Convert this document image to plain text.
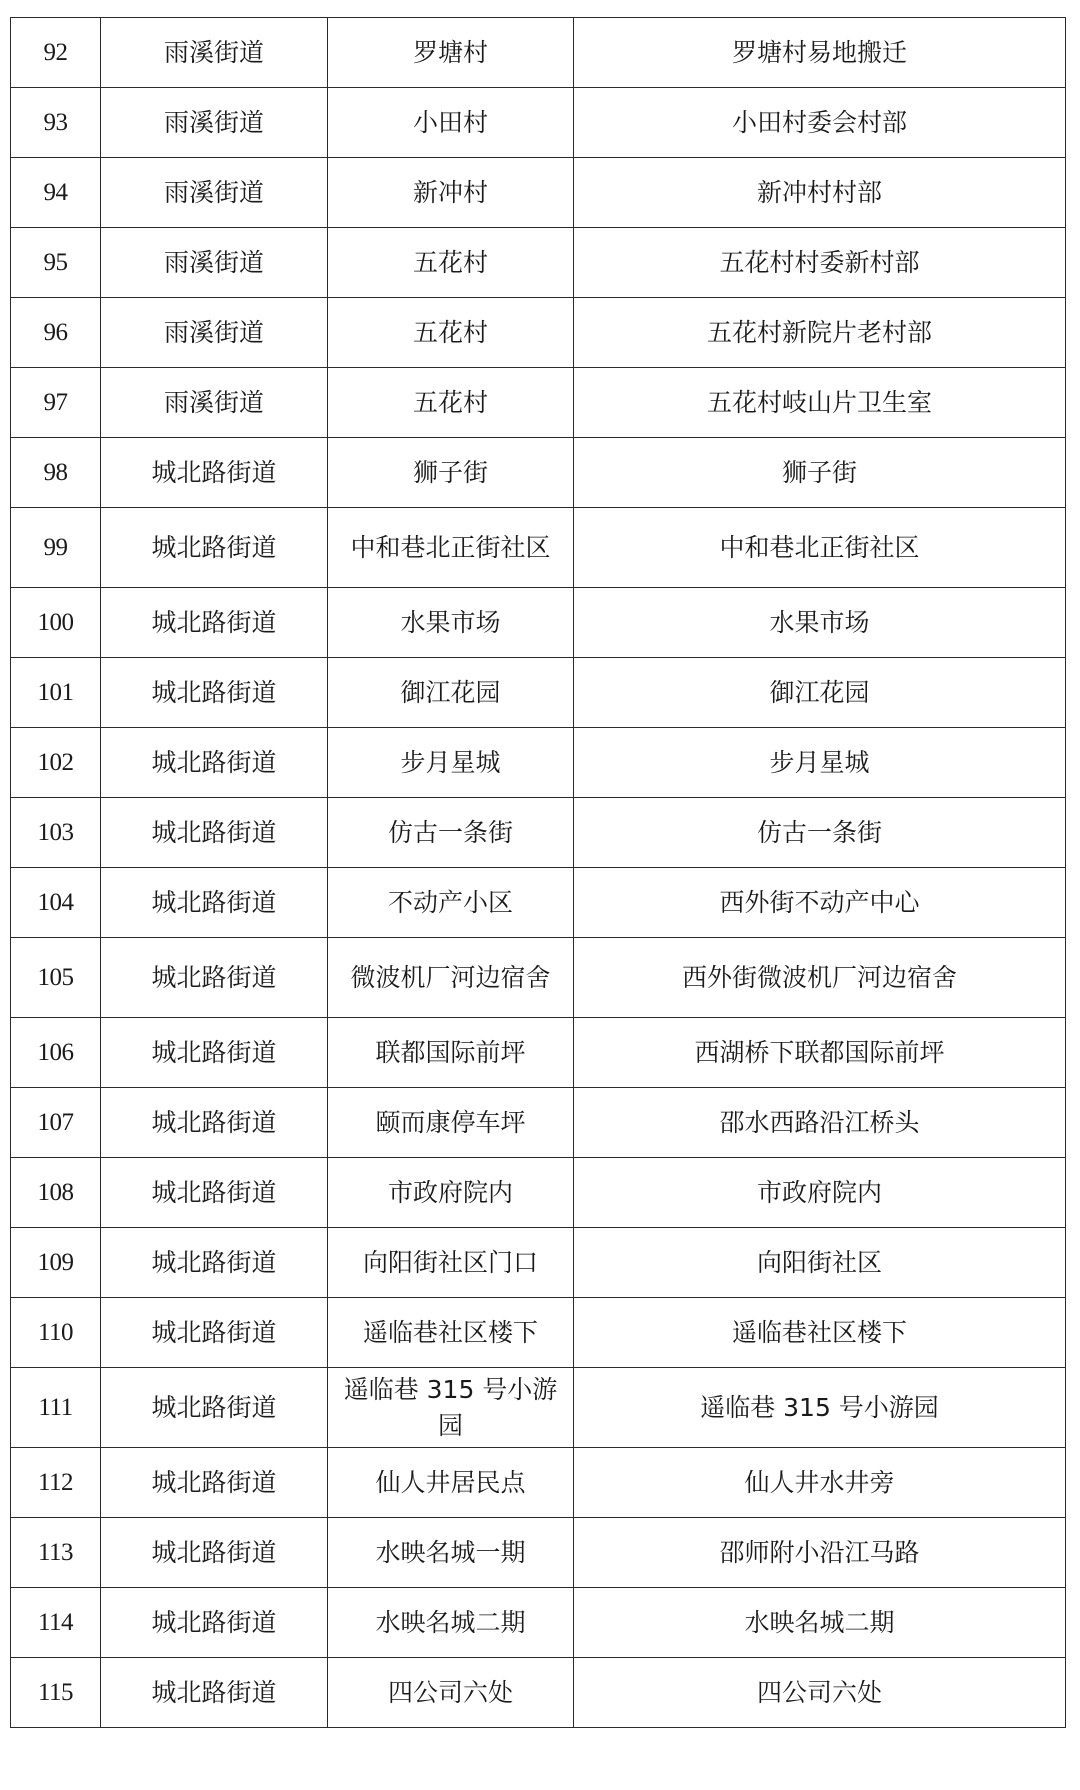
92	雨溪街道	罗塘村	罗塘村易地搬迁
93	雨溪街道	小田村	小田村委会村部
94	雨溪街道	新冲村	新冲村村部
95	雨溪街道	五花村	五花村村委新村部
96	雨溪街道	五花村	五花村新院片老村部
97	雨溪街道	五花村	五花村岐山片卫生室
98	城北路街道	狮子街	狮子街
99	城北路街道	中和巷北正街社区	中和巷北正街社区
100	城北路街道	水果市场	水果市场
101	城北路街道	御江花园	御江花园
102	城北路街道	步月星城	步月星城
103	城北路街道	仿古一条街	仿古一条街
104	城北路街道	不动产小区	西外街不动产中心
105	城北路街道	微波机厂河边宿舍	西外街微波机厂河边宿舍
106	城北路街道	联都国际前坪	西湖桥下联都国际前坪
107	城北路街道	颐而康停车坪	邵水西路沿江桥头
108	城北路街道	市政府院内	市政府院内
109	城北路街道	向阳街社区门口	向阳街社区
110	城北路街道	遥临巷社区楼下	遥临巷社区楼下
111	城北路街道	遥临巷 315 号小游园	遥临巷 315 号小游园
112	城北路街道	仙人井居民点	仙人井水井旁
113	城北路街道	水映名城一期	邵师附小沿江马路
114	城北路街道	水映名城二期	水映名城二期
115	城北路街道	四公司六处	四公司六处
